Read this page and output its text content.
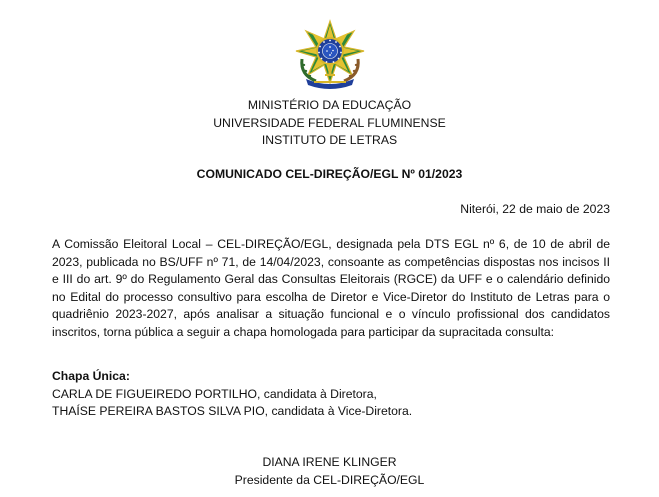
MINISTÉRIO DA EDUCAÇÃO
UNIVERSIDADE FEDERAL FLUMINENSE
INSTITUTO DE LETRAS
COMUNICADO CEL-DIREÇÃO/EGL Nº 01/2023
Niterói, 22 de maio de 2023

A Comissão Eleitoral Local – CEL-DIREÇÃO/EGL, designada pela DTS EGL nº 6, de 10 de abril de 2023, publicada no BS/UFF nº 71, de 14/04/2023, consoante as competências dispostas nos incisos II e III do art. 9º do Regulamento Geral das Consultas Eleitorais (RGCE) da UFF e o calendário definido no Edital do processo consultivo para escolha de Diretor e Vice-Diretor do Instituto de Letras para o quadriênio 2023-2027, após analisar a situação funcional e o vínculo profissional dos candidatos inscritos, torna pública a seguir a chapa homologada para participar da supracitada consulta:

Chapa Única:
CARLA DE FIGUEIREDO PORTILHO, candidata à Diretora,
THAÍSE PEREIRA BASTOS SILVA PIO, candidata à Vice-Diretora.
DIANA IRENE KLINGER
Presidente da CEL-DIREÇÃO/EGL
